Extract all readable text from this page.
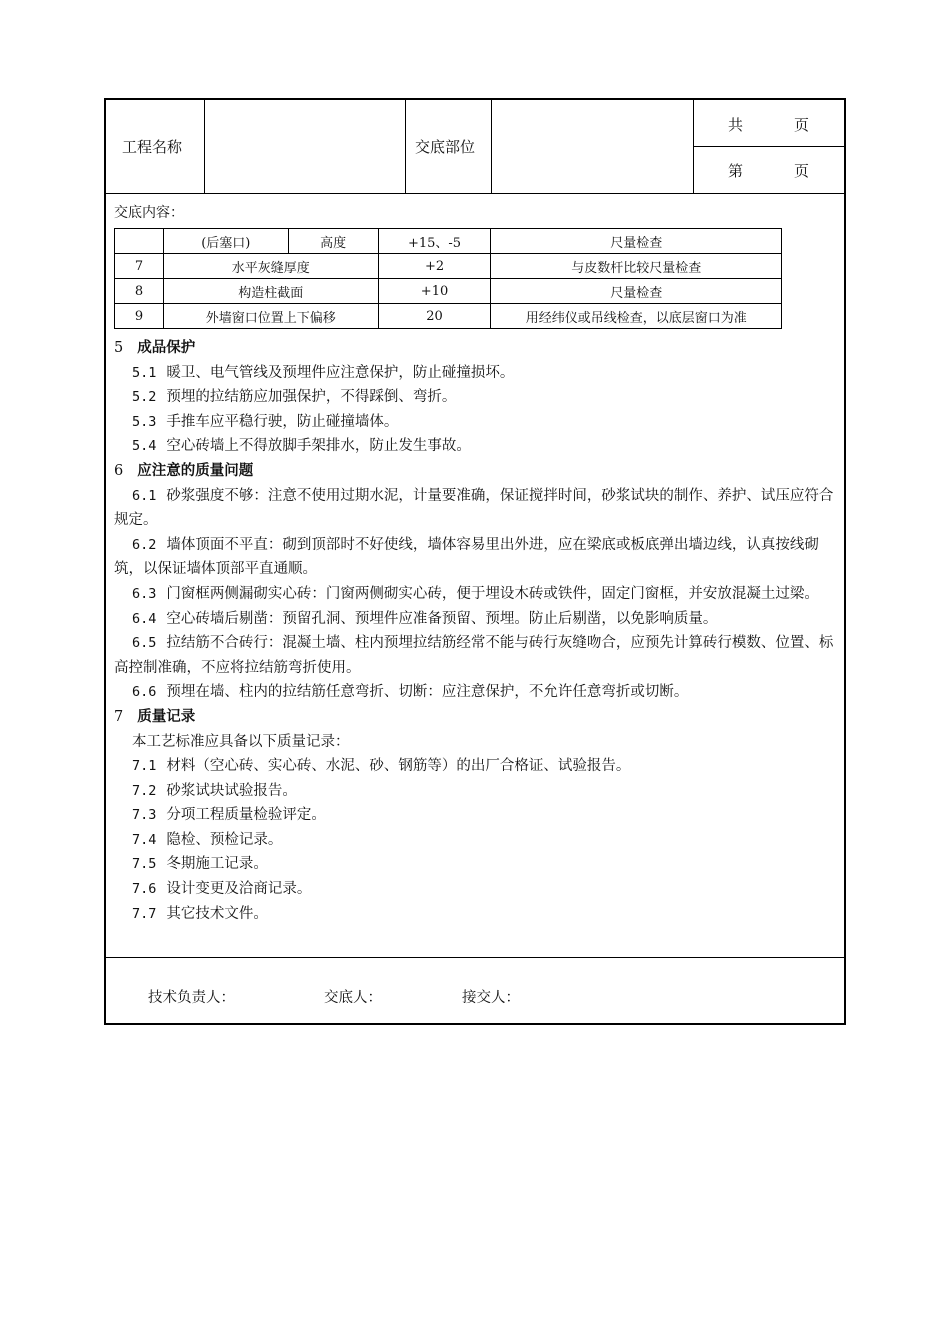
工程名称	交底部位
共	页
第	页
交底内容：
	(后塞口)	高度	+15、-5	尺量检查
7	水平灰缝厚度		+2	与皮数杆比较尺量检查
8	构造柱截面		+10	尺量检查
9	外墙窗口位置上下偏移		20	用经纬仪或吊线检查，以底层窗口为准

5 成品保护

5.1 暖卫、电气管线及预埋件应注意保护，防止碰撞损坏。

5.2 预埋的拉结筋应加强保护，不得踩倒、弯折。

5.3 手推车应平稳行驶，防止碰撞墙体。

5.4 空心砖墙上不得放脚手架排水，防止发生事故。

6 应注意的质量问题

6.1 砂浆强度不够：注意不使用过期水泥，计量要准确，保证搅拌时间，砂浆试块的制作、养护、试压应符合规定。

6.2 墙体顶面不平直：砌到顶部时不好使线，墙体容易里出外进，应在梁底或板底弹出墙边线，认真按线砌筑，以保证墙体顶部平直通顺。

6.3 门窗框两侧漏砌实心砖：门窗两侧砌实心砖，便于埋设木砖或铁件，固定门窗框，并安放混凝土过梁。

6.4 空心砖墙后剔凿：预留孔洞、预埋件应准备预留、预埋。防止后剔凿，以免影响质量。

6.5 拉结筋不合砖行：混凝土墙、柱内预埋拉结筋经常不能与砖行灰缝吻合，应预先计算砖行模数、位置、标高控制准确，不应将拉结筋弯折使用。

6.6 预埋在墙、柱内的拉结筋任意弯折、切断：应注意保护，不允许任意弯折或切断。

7 质量记录

本工艺标准应具备以下质量记录：

7.1 材料（空心砖、实心砖、水泥、砂、钢筋等）的出厂合格证、试验报告。

7.2 砂浆试块试验报告。

7.3 分项工程质量检验评定。

7.4 隐检、预检记录。

7.5 冬期施工记录。

7.6 设计变更及洽商记录。

7.7 其它技术文件。

技术负责人：	交底人：	接交人：
